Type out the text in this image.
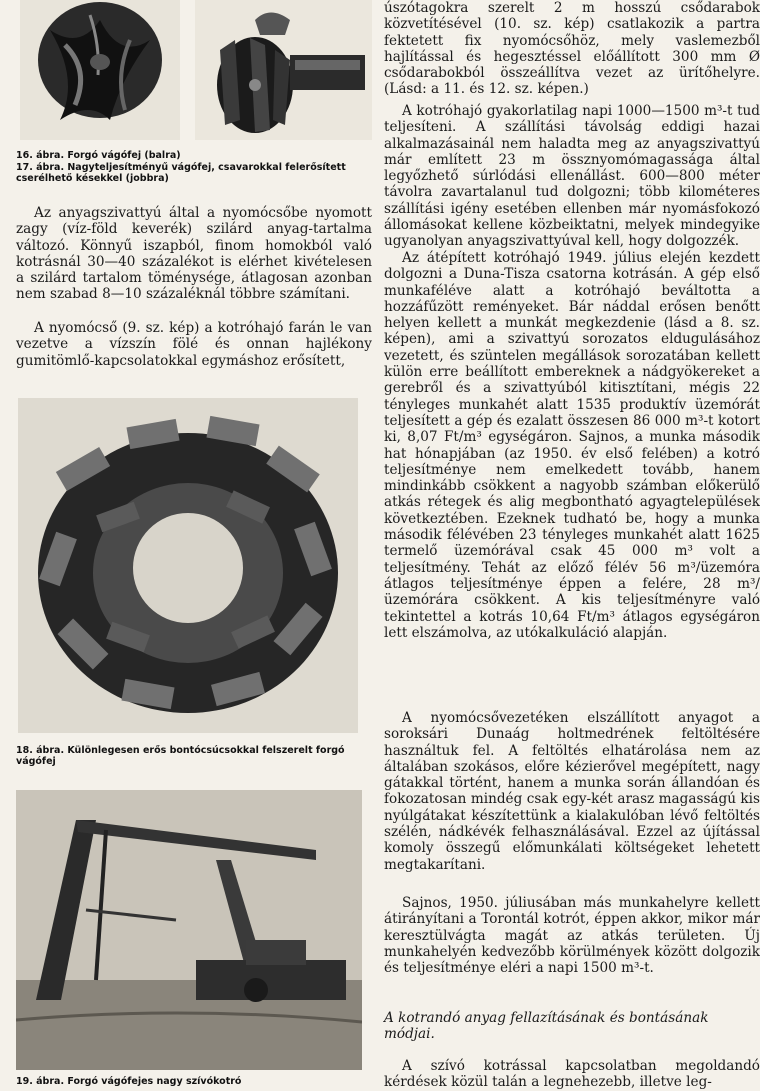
16. ábra. Forgó vágófej (balra)
17. ábra. Nagyteljesítményű vágófej, csavarokkal felerősített cserélhető késekkel (jobbra)

Az anyagszivattyú által a nyomócsőbe nyomott zagy (víz-föld keverék) szilárd anyag-tartalma változó. Könnyű iszapból, finom homokból való kotrásnál 30—40 százalékot is elérhet kivételesen a szilárd tartalom töménysége, átlagosan azonban nem szabad 8—10 százaléknál többre számítani.

A nyomócső (9. sz. kép) a kotróhajó farán le van vezetve a vízszín fölé és onnan hajlékony gumitömlő-kapcsolatokkal egymáshoz erősített,

18. ábra. Különlegesen erős bontócsúcsokkal felszerelt forgó vágófej
19. ábra. Forgó vágófejes nagy szívókotró

úszótagokra szerelt 2 m hosszú csődarabok közvetítésével (10. sz. kép) csatlakozik a partra fektetett fix nyomócsőhöz, mely vaslemezből hajlítással és hegesztéssel előállított 300 mm Ø csődarabokból összeállítva vezet az ürítőhelyre. (Lásd: a 11. és 12. sz. képen.)

A kotróhajó gyakorlatilag napi 1000—1500 m³-t tud teljesíteni. A szállítási távolság eddigi hazai alkalmazásainál nem haladta meg az anyagszivattyú már említett 23 m össznyomómagassága által legyőzhető súrlódási ellenállást. 600—800 méter távolra zavartalanul tud dolgozni; több kilométeres szállítási igény esetében ellenben már nyomásfokozó állomásokat kellene közbeiktatni, melyek mindegyike ugyanolyan anyagszivattyúval kell, hogy dolgozzék.

Az átépített kotróhajó 1949. július elején kezdett dolgozni a Duna-Tisza csatorna kotrásán. A gép első munkaféléve alatt a kotróhajó beváltotta a hozzáfűzött reményeket. Bár náddal erősen benőtt helyen kellett a munkát megkezdenie (lásd a 8. sz. képen), ami a szivattyú sorozatos eldugulásához vezetett, és szüntelen megállások sorozatában kellett külön erre beállított embereknek a nádgyökereket a gerebről és a szivattyúból kitisztítani, mégis 22 tényleges munkahét alatt 1535 produktív üzemórát teljesített a gép és ezalatt összesen 86 000 m³-t kotort ki, 8,07 Ft/m³ egységáron. Sajnos, a munka második hat hónapjában (az 1950. év első felében) a kotró teljesítménye nem emelkedett tovább, hanem mindinkább csökkent a nagyobb számban előkerülő atkás rétegek és alig megbontható agyagtelepülések következtében. Ezeknek tudható be, hogy a munka második félévében 23 tényleges munkahét alatt 1625 termelő üzemórával csak 45 000 m³ volt a teljesítmény. Tehát az előző félév 56 m³/üzemóra átlagos teljesítménye éppen a felére, 28 m³/üzemórára csökkent. A kis teljesítményre való tekintettel a kotrás 10,64 Ft/m³ átlagos egységáron lett elszámolva, az utókalkuláció alapján.

A nyomócsővezetéken elszállított anyagot a soroksári Dunaág holtmedrének feltöltésére használtuk fel. A feltöltés elhatárolása nem az általában szokásos, előre kézierővel megépített, nagy gátakkal történt, hanem a munka során állandóan és fokozatosan mindég csak egy-két arasz magasságú kis nyúlgátakat készítettünk a kialakulóban lévő feltöltés szélén, nádkévék felhasználásával. Ezzel az újítással komoly összegű előmunkálati költségeket lehetett megtakarítani.

Sajnos, 1950. júliusában más munkahelyre kellett átirányítani a Torontál kotrót, éppen akkor, mikor már keresztülvágta magát az atkás területen. Új munkahelyén kedvezőbb körülmények között dolgozik és teljesítménye eléri a napi 1500 m³-t.

A kotrandó anyag fellazításának és bontásának módjai.

A szívó kotrással kapcsolatban megoldandó kérdések közül talán a legnehezebb, illetve leg-
